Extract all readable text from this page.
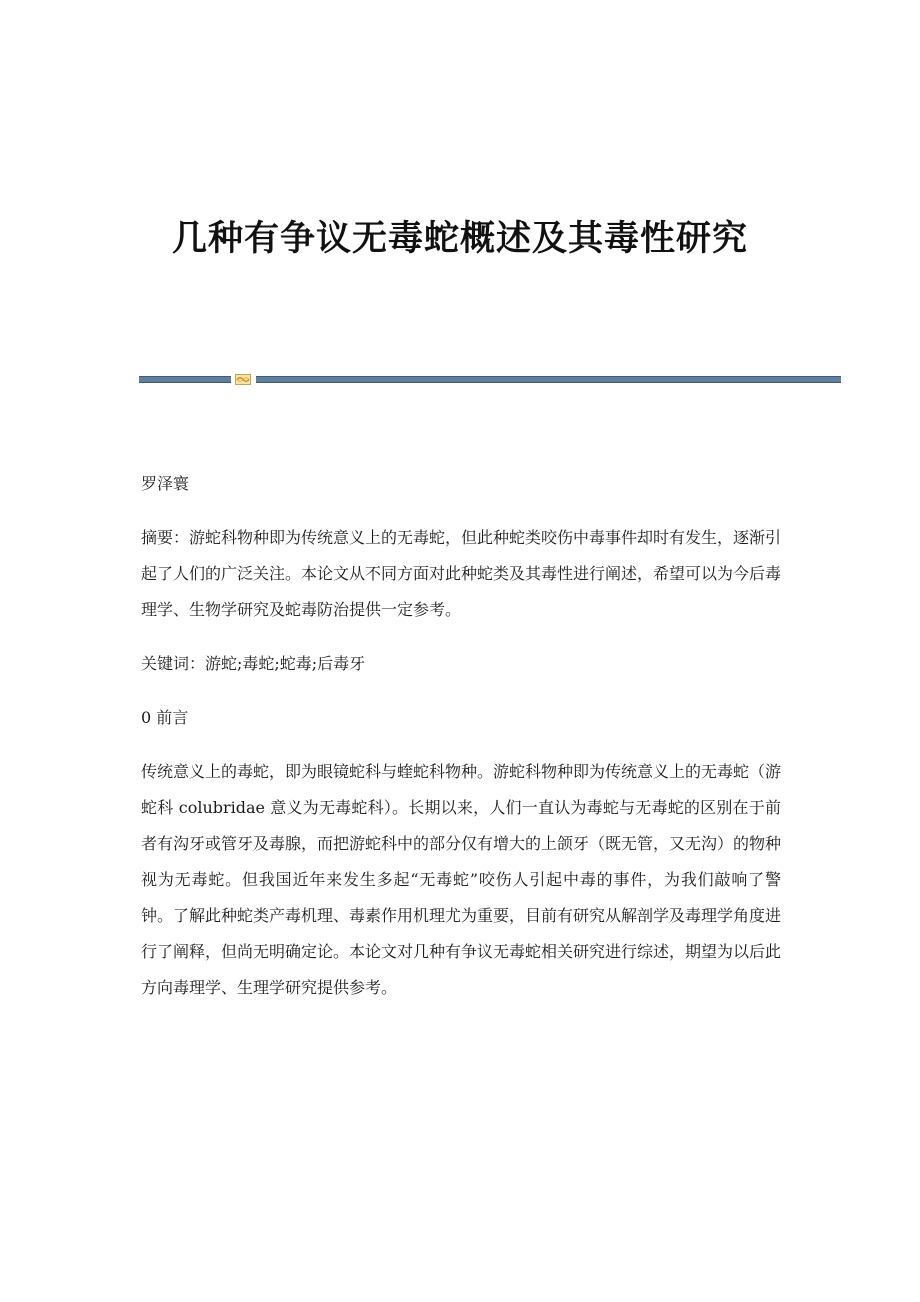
几种有争议无毒蛇概述及其毒性研究

罗泽寰

摘要：游蛇科物种即为传统意义上的无毒蛇，但此种蛇类咬伤中毒事件却时有发生，逐渐引起了人们的广泛关注。本论文从不同方面对此种蛇类及其毒性进行阐述，希望可以为今后毒理学、生物学研究及蛇毒防治提供一定参考。

关键词：游蛇;毒蛇;蛇毒;后毒牙

0 前言

传统意义上的毒蛇，即为眼镜蛇科与蝰蛇科物种。游蛇科物种即为传统意义上的无毒蛇（游蛇科 colubridae 意义为无毒蛇科）。长期以来，人们一直认为毒蛇与无毒蛇的区别在于前者有沟牙或管牙及毒腺，而把游蛇科中的部分仅有增大的上颌牙（既无管，又无沟）的物种视为无毒蛇。但我国近年来发生多起“无毒蛇”咬伤人引起中毒的事件，为我们敲响了警钟。了解此种蛇类产毒机理、毒素作用机理尤为重要，目前有研究从解剖学及毒理学角度进行了阐释，但尚无明确定论。本论文对几种有争议无毒蛇相关研究进行综述，期望为以后此方向毒理学、生理学研究提供参考。
